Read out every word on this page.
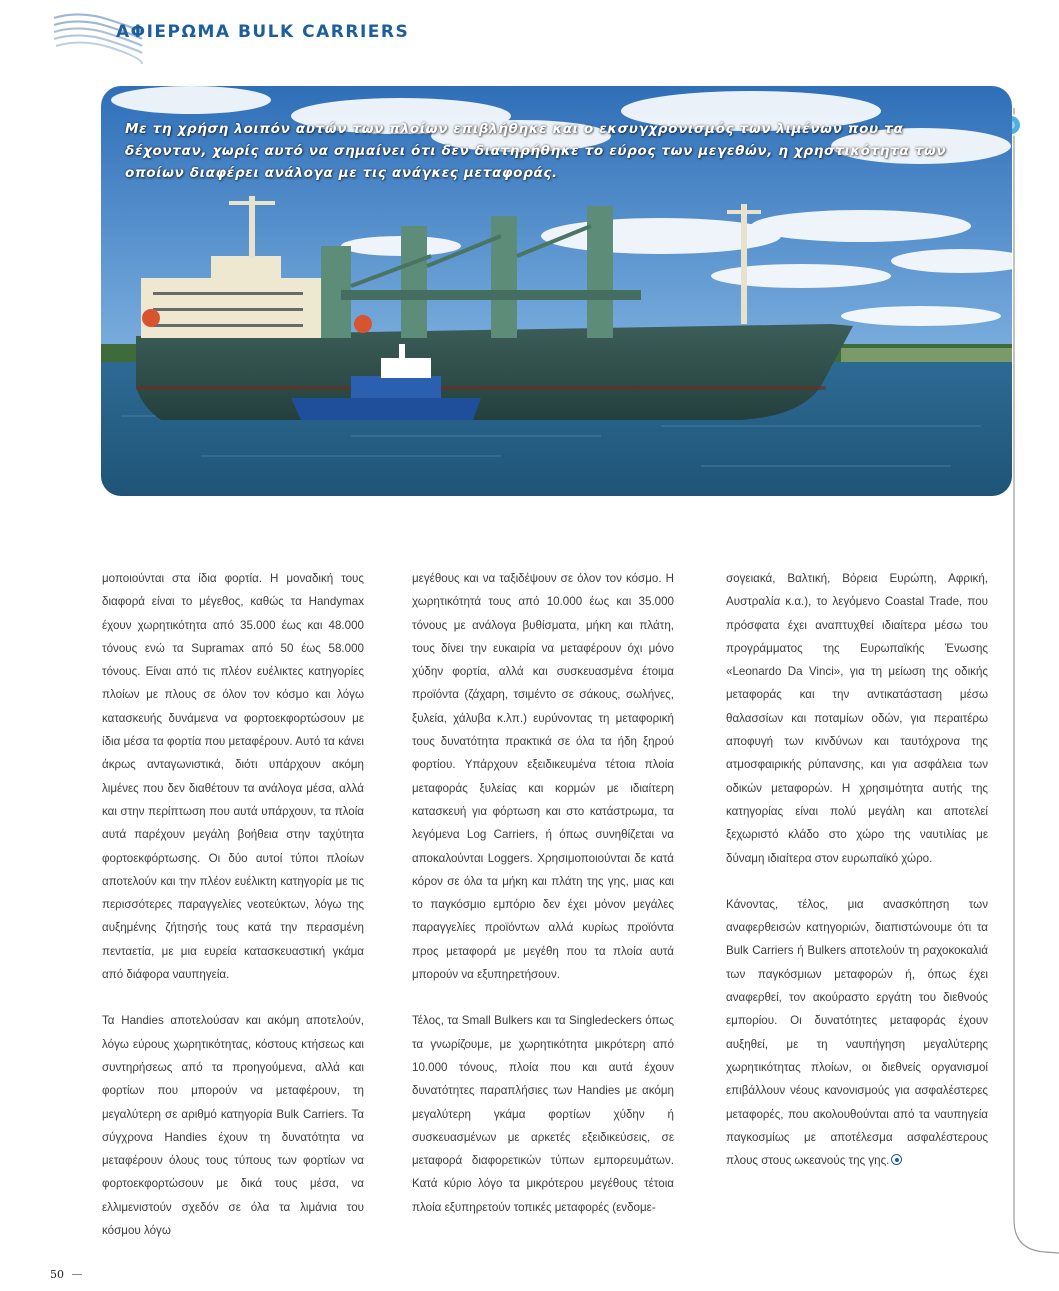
ΑΦΙΕΡΩΜΑ BULK CARRIERS
Με τη χρήση λοιπόν αυτών των πλοίων επιβλήθηκε και ο εκσυγχρονισμός των λιμένων που τα δέχονταν, χωρίς αυτό να σημαίνει ότι δεν διατηρήθηκε το εύρος των μεγεθών, η χρηστικότητα των οποίων διαφέρει ανάλογα με τις ανάγκες μεταφοράς.

μοποιούνται στα ίδια φορτία. Η μοναδική τους διαφορά είναι το μέγεθος, καθώς τα Handymax έχουν χωρητικότητα από 35.000 έως και 48.000 τόνους ενώ τα Supramax από 50 έως 58.000 τόνους. Είναι από τις πλέον ευέλικτες κατηγορίες πλοίων με πλους σε όλον τον κόσμο και λόγω κατασκευής δυνάμενα να φορτοεκφορτώσουν με ίδια μέσα τα φορτία που μεταφέρουν. Αυτό τα κάνει άκρως ανταγωνιστικά, διότι υπάρχουν ακόμη λιμένες που δεν διαθέτουν τα ανάλογα μέσα, αλλά και στην περίπτωση που αυτά υπάρχουν, τα πλοία αυτά παρέχουν μεγάλη βοήθεια στην ταχύτητα φορτοεκφόρτωσης. Οι δύο αυτοί τύποι πλοίων αποτελούν και την πλέον ευέλικτη κατηγορία με τις περισσότερες παραγγελίες νεοτεύκτων, λόγω της αυξημένης ζήτησής τους κατά την περασμένη πενταετία, με μια ευρεία κατασκευαστική γκάμα από διάφορα ναυπηγεία.

Τα Handies αποτελούσαν και ακόμη αποτελούν, λόγω εύρους χωρητικότητας, κόστους κτήσεως και συντηρήσεως από τα προηγούμενα, αλλά και φορτίων που μπορούν να μεταφέρουν, τη μεγαλύτερη σε αριθμό κατηγορία Bulk Carriers. Τα σύγχρονα Handies έχουν τη δυνατότητα να μεταφέρουν όλους τους τύπους των φορτίων να φορτοεκφορτώσουν με δικά τους μέσα, να ελλιμενιστούν σχεδόν σε όλα τα λιμάνια του κόσμου λόγω

μεγέθους και να ταξιδέψουν σε όλον τον κόσμο. Η χωρητικότητά τους από 10.000 έως και 35.000 τόνους με ανάλογα βυθίσματα, μήκη και πλάτη, τους δίνει την ευκαιρία να μεταφέρουν όχι μόνο χύδην φορτία, αλλά και συσκευασμένα έτοιμα προϊόντα (ζάχαρη, τσιμέντο σε σάκους, σωλήνες, ξυλεία, χάλυβα κ.λπ.) ευρύνοντας τη μεταφορική τους δυνατότητα πρακτικά σε όλα τα ήδη ξηρού φορτίου. Υπάρχουν εξειδικευμένα τέτοια πλοία μεταφοράς ξυλείας και κορμών με ιδιαίτερη κατασκευή για φόρτωση και στο κατάστρωμα, τα λεγόμενα Log Carriers, ή όπως συνηθίζεται να αποκαλούνται Loggers. Χρησιμοποιούνται δε κατά κόρον σε όλα τα μήκη και πλάτη της γης, μιας και το παγκόσμιο εμπόριο δεν έχει μόνον μεγάλες παραγγελίες προϊόντων αλλά κυρίως προϊόντα προς μεταφορά με μεγέθη που τα πλοία αυτά μπορούν να εξυπηρετήσουν.

Τέλος, τα Small Bulkers και τα Singledeckers όπως τα γνωρίζουμε, με χωρητικότητα μικρότερη από 10.000 τόνους, πλοία που και αυτά έχουν δυνατότητες παραπλήσιες των Handies με ακόμη μεγαλύτερη γκάμα φορτίων χύδην ή συσκευασμένων με αρκετές εξειδικεύσεις, σε μεταφορά διαφορετικών τύπων εμπορευμάτων. Κατά κύριο λόγο τα μικρότερου μεγέθους τέτοια πλοία εξυπηρετούν τοπικές μεταφορές (ενδομε-

σογειακά, Βαλτική, Βόρεια Ευρώπη, Αφρική, Αυστραλία κ.α.), το λεγόμενο Coastal Trade, που πρόσφατα έχει αναπτυχθεί ιδιαίτερα μέσω του προγράμματος της Ευρωπαϊκής Ένωσης «Leonardo Da Vinci», για τη μείωση της οδικής μεταφοράς και την αντικατάσταση μέσω θαλασσίων και ποταμίων οδών, για περαιτέρω αποφυγή των κινδύνων και ταυτόχρονα της ατμοσφαιρικής ρύπανσης, και για ασφάλεια των οδικών μεταφορών. Η χρησιμότητα αυτής της κατηγορίας είναι πολύ μεγάλη και αποτελεί ξεχωριστό κλάδο στο χώρο της ναυτιλίας με δύναμη ιδιαίτερα στον ευρωπαϊκό χώρο.

Κάνοντας, τέλος, μια ανασκόπηση των αναφερθεισών κατηγοριών, διαπιστώνουμε ότι τα Bulk Carriers ή Bulkers αποτελούν τη ραχοκοκαλιά των παγκόσμιων μεταφορών ή, όπως έχει αναφερθεί, τον ακούραστο εργάτη του διεθνούς εμπορίου. Οι δυνατότητες μεταφοράς έχουν αυξηθεί, με τη ναυπήγηση μεγαλύτερης χωρητικότητας πλοίων, οι διεθνείς οργανισμοί επιβάλλουν νέους κανονισμούς για ασφαλέστερες μεταφορές, που ακολουθούνται από τα ναυπηγεία παγκοσμίως με αποτέλεσμα ασφαλέστερους πλους στους ωκεανούς της γης.

50
